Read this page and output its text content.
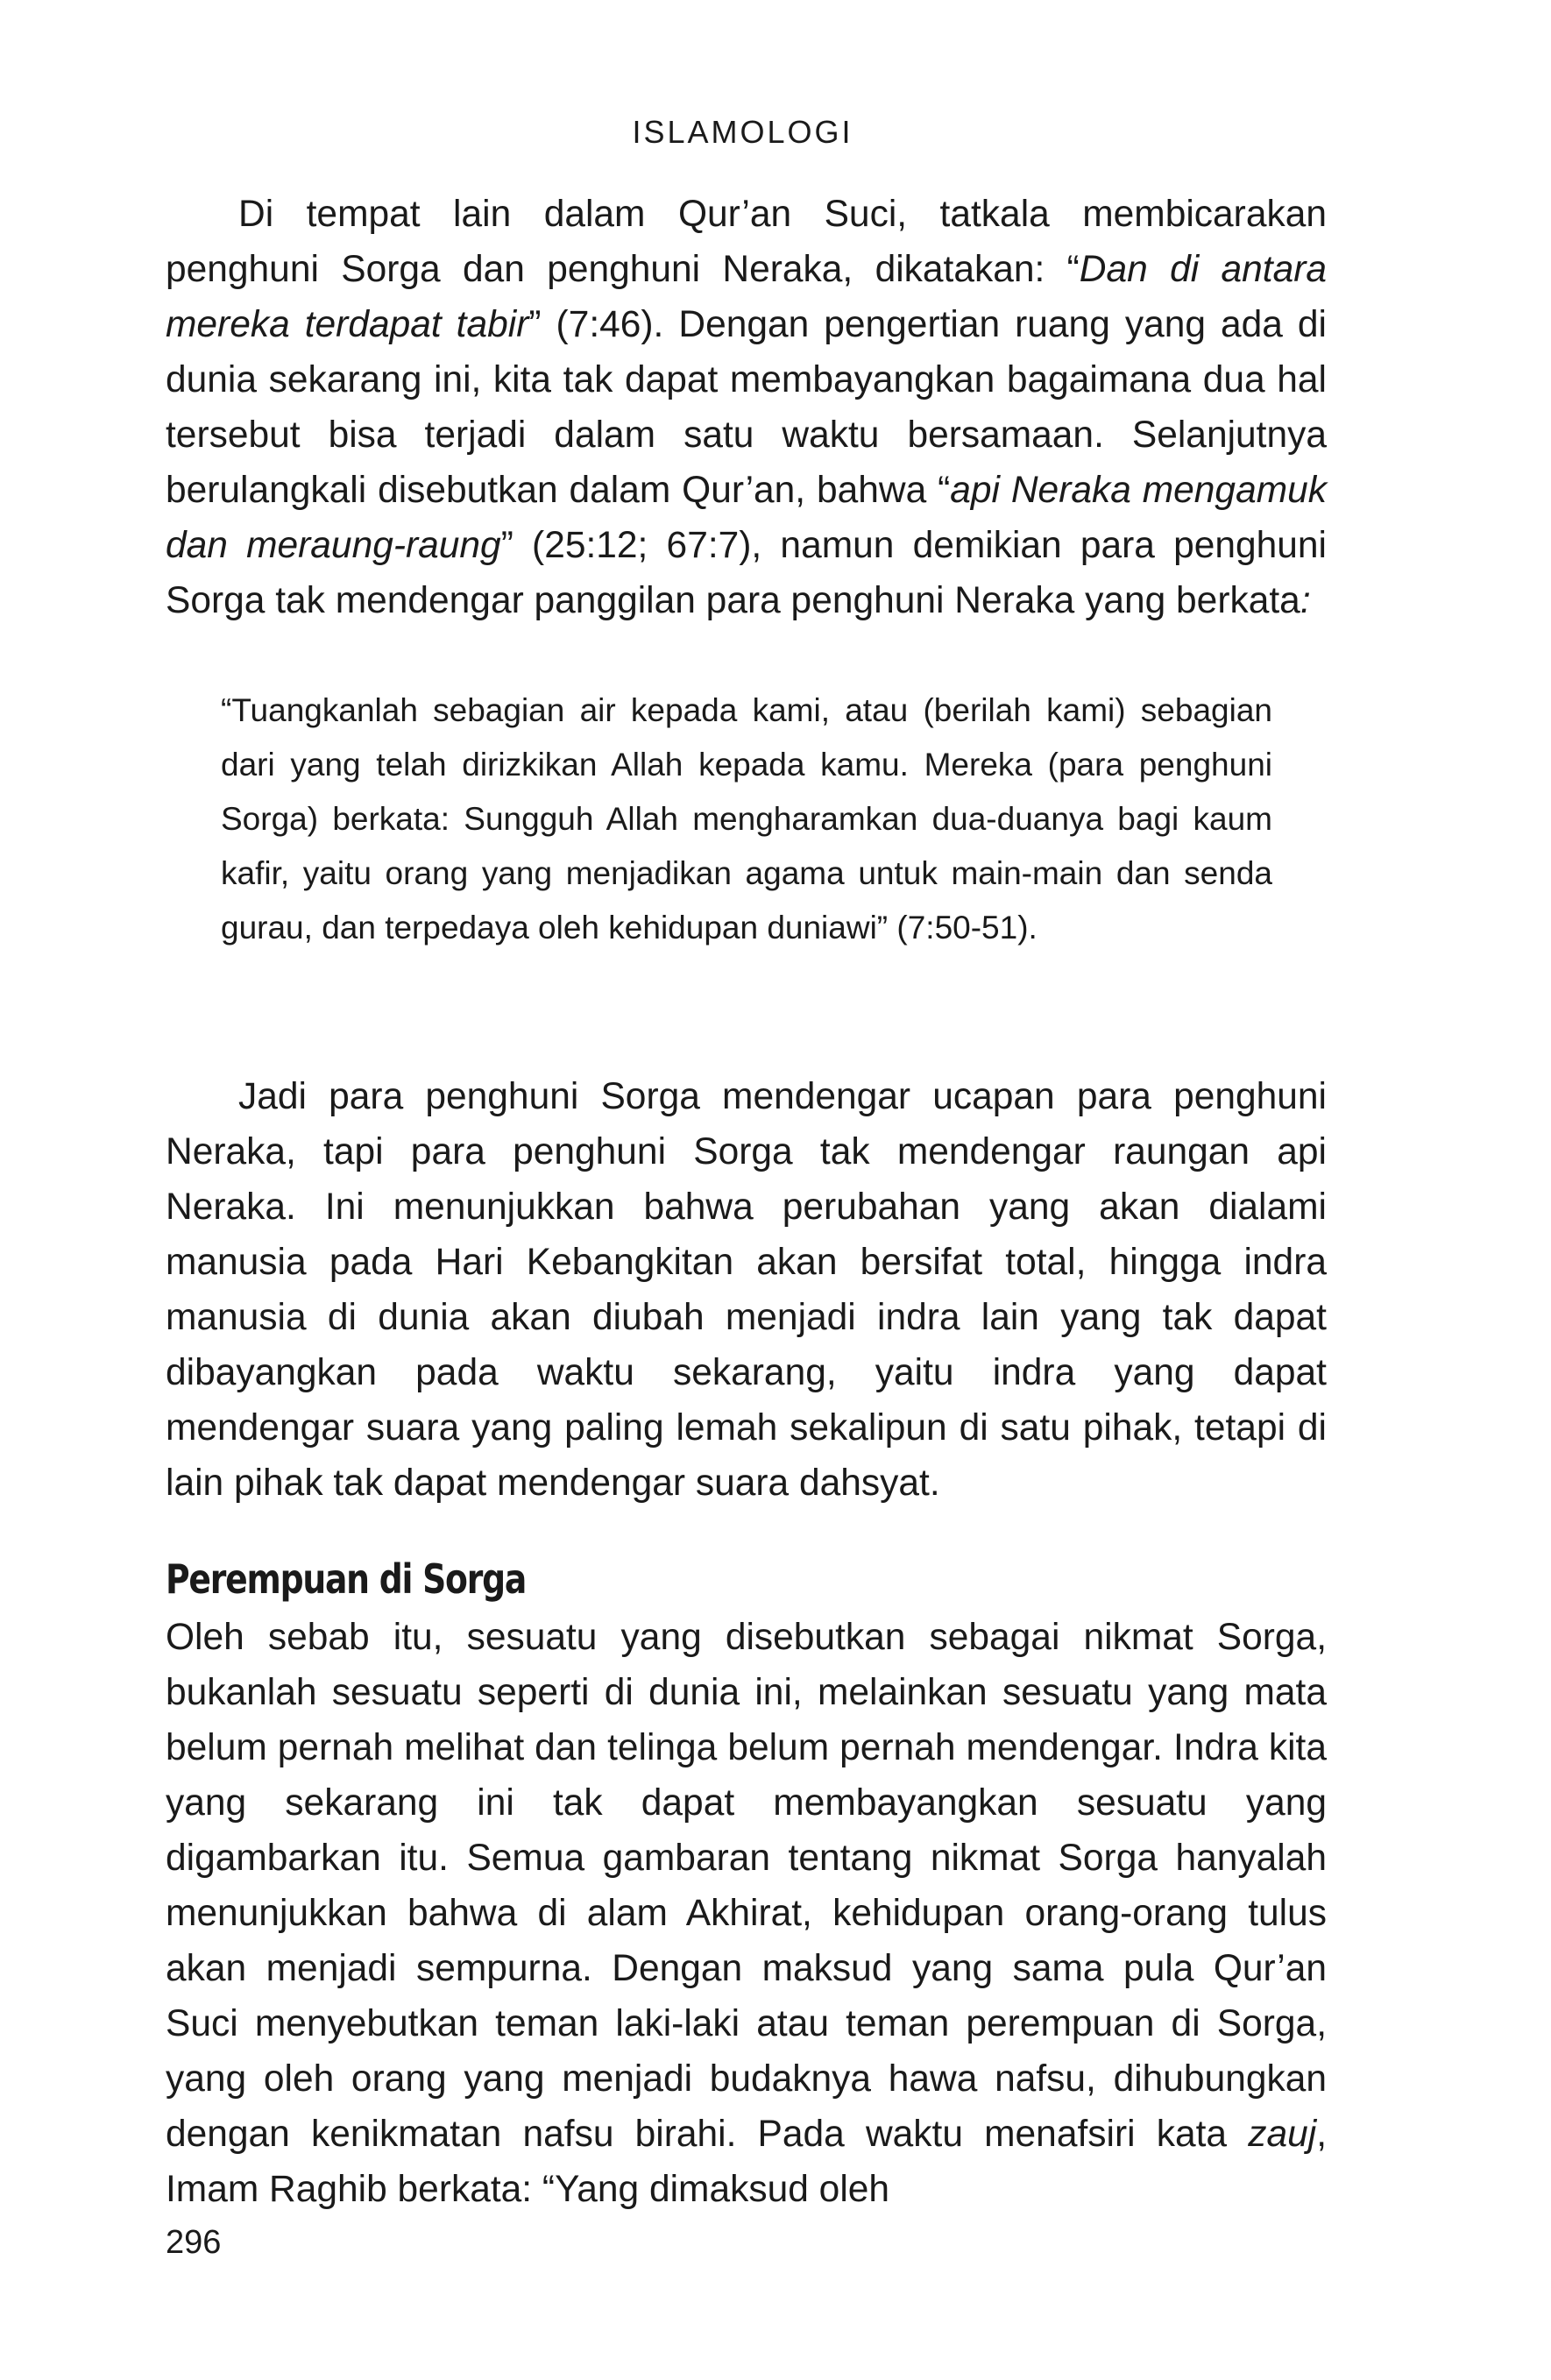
ISLAMOLOGI

Di tempat lain dalam Qur’an Suci, tatkala membicarakan penghuni Sorga dan penghuni Neraka, dikatakan: “Dan di antara mereka terdapat tabir” (7:46). Dengan pengertian ruang yang ada di dunia sekarang ini, kita tak dapat membayangkan bagaimana dua hal tersebut bisa terjadi dalam satu waktu bersamaan. Selanjutnya berulangkali disebutkan dalam Qur’an, bahwa “api Neraka mengamuk dan meraung-raung” (25:12; 67:7), namun demikian para penghuni Sorga tak mendengar panggilan para penghuni Neraka yang berkata:

“Tuangkanlah sebagian air kepada kami, atau (berilah kami) sebagian dari yang telah dirizkikan Allah kepada kamu. Mereka (para penghuni Sorga) berkata: Sungguh Allah mengharamkan dua-duanya bagi kaum kafir, yaitu orang yang menjadikan agama untuk main-main dan senda gurau, dan terpedaya oleh kehidupan duniawi” (7:50-51).

Jadi para penghuni Sorga mendengar ucapan para penghuni Neraka, tapi para penghuni Sorga tak mendengar raungan api Neraka. Ini menunjukkan bahwa perubahan yang akan dialami manusia pada Hari Kebangkitan akan bersifat total, hingga indra manusia di dunia akan diubah menjadi indra lain yang tak dapat dibayangkan pada waktu sekarang, yaitu indra yang dapat mendengar suara yang paling lemah sekalipun di satu pihak, tetapi di lain pihak tak dapat mendengar suara dahsyat.

Perempuan di Sorga

Oleh sebab itu, sesuatu yang disebutkan sebagai nikmat Sorga, bukanlah sesuatu seperti di dunia ini, melainkan sesuatu yang mata belum pernah melihat dan telinga belum pernah mendengar. Indra kita yang sekarang ini tak dapat membayangkan sesuatu yang digambarkan itu. Semua gambaran tentang nikmat Sorga hanyalah menunjukkan bahwa di alam Akhirat, kehidupan orang-orang tulus akan menjadi sempurna. Dengan maksud yang sama pula Qur’an Suci menyebutkan teman laki-laki atau teman perempuan di Sorga, yang oleh orang yang menjadi budaknya hawa nafsu, dihubungkan dengan kenikmatan nafsu birahi. Pada waktu menafsiri kata zauj, Imam Raghib berkata: “Yang dimaksud oleh

296
